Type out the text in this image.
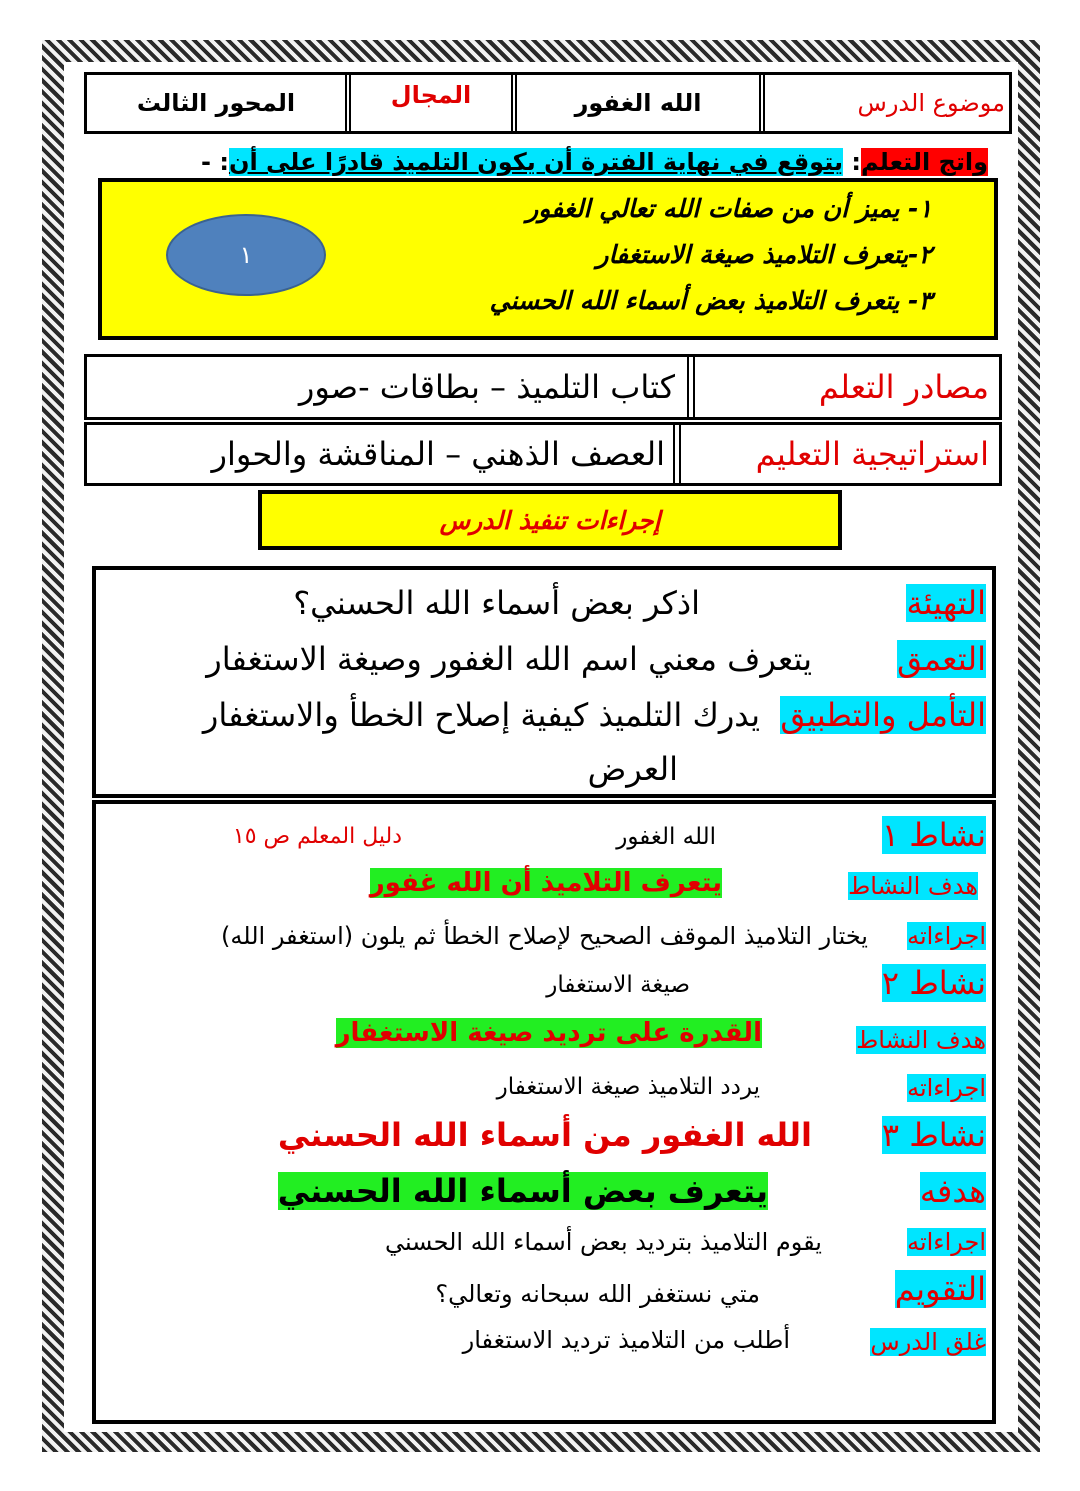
موضوع الدرس
الله الغفور
المجال
المحور الثالث
واتج التعلم: يتوقع في نهاية الفترة أن يكون التلميذ قادرًا على أن: -
١- يميز أن من صفات الله تعالي الغفور
٢-يتعرف التلاميذ صيغة الاستغفار
٣- يتعرف التلاميذ بعض أسماء الله الحسني
١
مصادر التعلم
كتاب التلميذ – بطاقات -صور
استراتيجية التعليم
العصف الذهني – المناقشة والحوار
إجراءات تنفيذ الدرس
التهيئة
اذكر بعض أسماء الله الحسني؟
التعمق
يتعرف معني اسم الله الغفور وصيغة الاستغفار
التأمل والتطبيق
يدرك التلميذ كيفية إصلاح الخطأ والاستغفار
العرض
نشاط ١
الله الغفور
دليل المعلم ص ١٥
هدف النشاط
يتعرف التلاميذ أن الله غفور
اجراءاته
يختار التلاميذ الموقف الصحيح لإصلاح الخطأ ثم يلون (استغفر الله)
نشاط ٢
صيغة الاستغفار
هدف النشاط
القدرة على ترديد صيغة الاستغفار
اجراءاته
يردد التلاميذ صيغة الاستغفار
نشاط ٣
الله الغفور من أسماء الله الحسني
هدفه
يتعرف بعض أسماء الله الحسني
اجراءاته
يقوم التلاميذ بترديد بعض أسماء الله الحسني
التقويم
متي نستغفر الله سبحانه وتعالي؟
غلق الدرس
أطلب من التلاميذ ترديد الاستغفار
